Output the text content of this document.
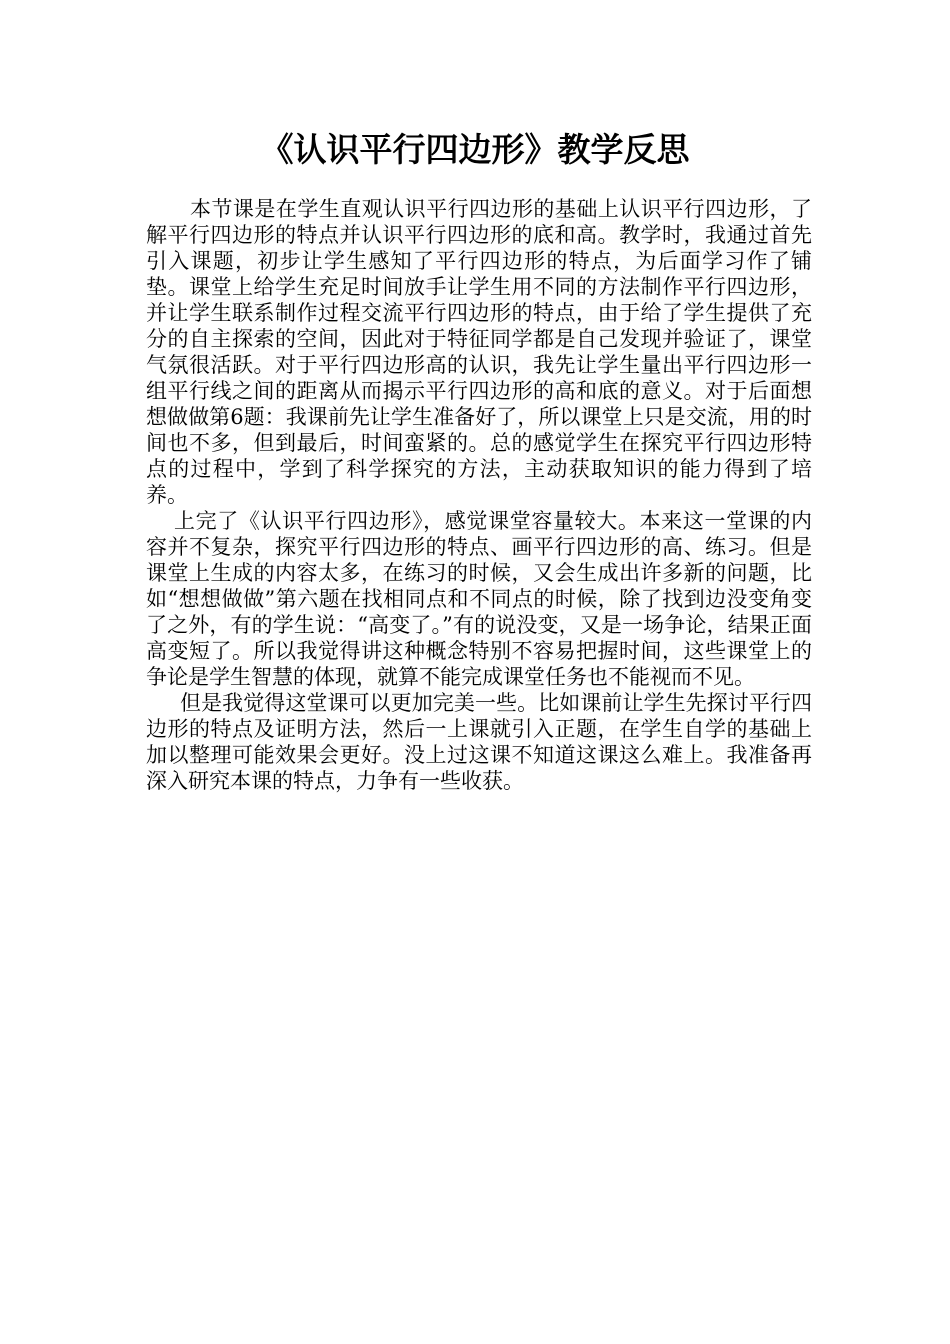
《认识平行四边形》教学反思

本节课是在学生直观认识平行四边形的基础上认识平行四边形，了解平行四边形的特点并认识平行四边形的底和高。教学时，我通过首先引入课题，初步让学生感知了平行四边形的特点，为后面学习作了铺垫。课堂上给学生充足时间放手让学生用不同的方法制作平行四边形，并让学生联系制作过程交流平行四边形的特点，由于给了学生提供了充分的自主探索的空间，因此对于特征同学都是自己发现并验证了，课堂气氛很活跃。对于平行四边形高的认识，我先让学生量出平行四边形一组平行线之间的距离从而揭示平行四边形的高和底的意义。对于后面想想做做第6题：我课前先让学生准备好了，所以课堂上只是交流，用的时间也不多，但到最后，时间蛮紧的。总的感觉学生在探究平行四边形特点的过程中，学到了科学探究的方法，主动获取知识的能力得到了培养。

上完了《认识平行四边形》，感觉课堂容量较大。本来这一堂课的内容并不复杂，探究平行四边形的特点、画平行四边形的高、练习。但是课堂上生成的内容太多，在练习的时候，又会生成出许多新的问题，比如“想想做做”第六题在找相同点和不同点的时候，除了找到边没变角变了之外，有的学生说：“高变了。”有的说没变，又是一场争论，结果正面高变短了。所以我觉得讲这种概念特别不容易把握时间，这些课堂上的争论是学生智慧的体现，就算不能完成课堂任务也不能视而不见。

但是我觉得这堂课可以更加完美一些。比如课前让学生先探讨平行四边形的特点及证明方法，然后一上课就引入正题，在学生自学的基础上加以整理可能效果会更好。没上过这课不知道这课这么难上。我准备再深入研究本课的特点，力争有一些收获。
